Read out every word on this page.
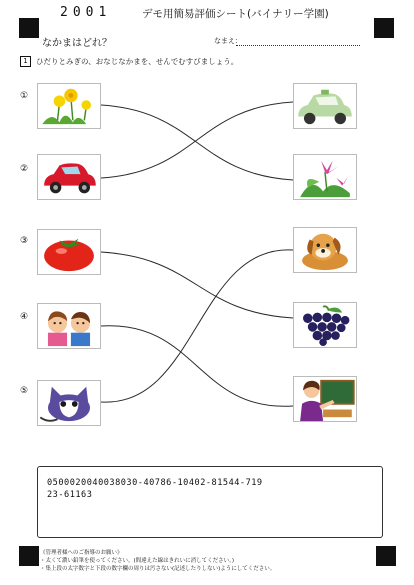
2001	デモ用簡易評価シート(バイナリー学園)
なかまはどれ？	なまえ：
1	ひだりとみぎの、おなじなかまを、せんでむすびましょう。
①
②
③
④
⑤
0500020040038030-40786-10402-81544-719
23-61163
《管理者様へのご指導のお願い》
・太くて濃い鉛筆を使ってください。(間違えた線はきれいに消してください。)
・集上段の太字数字と下段の数字欄の周りは汚さない(記述したりしない)ようにしてください。
